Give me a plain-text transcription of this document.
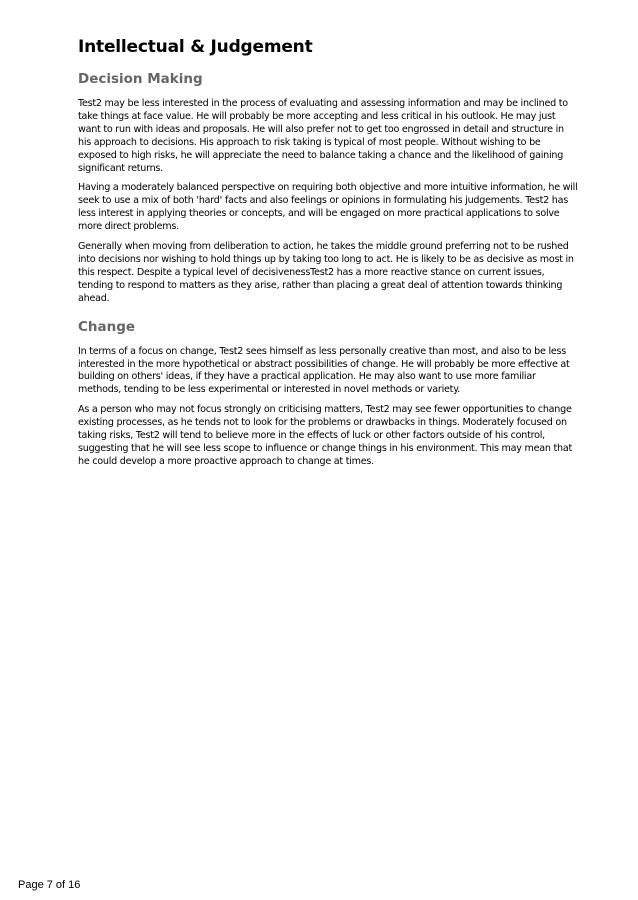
Intellectual & Judgement
Decision Making

Test2 may be less interested in the process of evaluating and assessing information and may be inclined to take things at face value. He will probably be more accepting and less critical in his outlook. He may just want to run with ideas and proposals. He will also prefer not to get too engrossed in detail and structure in his approach to decisions. His approach to risk taking is typical of most people. Without wishing to be exposed to high risks, he will appreciate the need to balance taking a chance and the likelihood of gaining significant returns.

Having a moderately balanced perspective on requiring both objective and more intuitive information, he will seek to use a mix of both 'hard' facts and also feelings or opinions in formulating his judgements. Test2 has less interest in applying theories or concepts, and will be engaged on more practical applications to solve more direct problems.

Generally when moving from deliberation to action, he takes the middle ground preferring not to be rushed into decisions nor wishing to hold things up by taking too long to act. He is likely to be as decisive as most in this respect. Despite a typical level of decisivenessTest2 has a more reactive stance on current issues, tending to respond to matters as they arise, rather than placing a great deal of attention towards thinking ahead.

Change

In terms of a focus on change, Test2 sees himself as less personally creative than most, and also to be less interested in the more hypothetical or abstract possibilities of change. He will probably be more effective at building on others' ideas, if they have a practical application. He may also want to use more familiar methods, tending to be less experimental or interested in novel methods or variety.

As a person who may not focus strongly on criticising matters, Test2 may see fewer opportunities to change existing processes, as he tends not to look for the problems or drawbacks in things. Moderately focused on taking risks, Test2 will tend to believe more in the effects of luck or other factors outside of his control, suggesting that he will see less scope to influence or change things in his environment. This may mean that he could develop a more proactive approach to change at times.

Page 7 of 16
